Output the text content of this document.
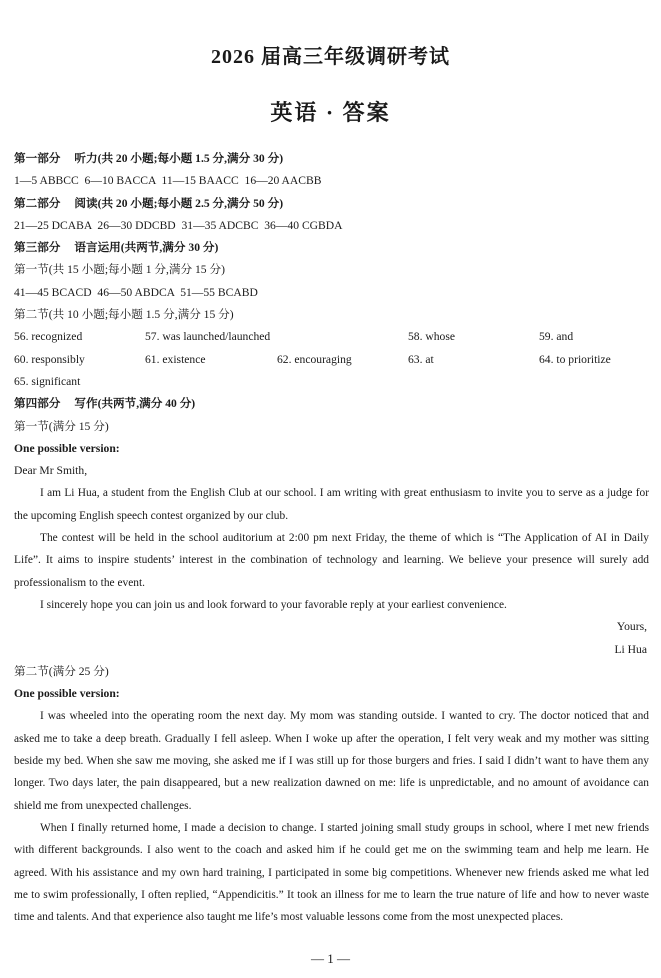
2026 届高三年级调研考试
英语 · 答案
第一部分 听力(共 20 小题;每小题 1.5 分,满分 30 分)
1—5 ABBCC  6—10 BACCA  11—15 BAACC  16—20 AACBB
第二部分 阅读(共 20 小题;每小题 2.5 分,满分 50 分)
21—25 DCABA  26—30 DDCBD  31—35 ADCBC  36—40 CGBDA
第三部分 语言运用(共两节,满分 30 分)
第一节(共 15 小题;每小题 1 分,满分 15 分)
41—45 BCACD  46—50 ABDCA  51—55 BCABD
第二节(共 10 小题;每小题 1.5 分,满分 15 分)
56. recognized	57. was launched/launched	58. whose	59. and
60. responsibly	61. existence	62. encouraging	63. at	64. to prioritize
65. significant
第四部分 写作(共两节,满分 40 分)
第一节(满分 15 分)
One possible version:
Dear Mr Smith,

I am Li Hua, a student from the English Club at our school. I am writing with great enthusiasm to invite you to serve as a judge for the upcoming English speech contest organized by our club.

The contest will be held in the school auditorium at 2:00 pm next Friday, the theme of which is “The Application of AI in Daily Life”. It aims to inspire students’ interest in the combination of technology and learning. We believe your presence will surely add professionalism to the event.

I sincerely hope you can join us and look forward to your favorable reply at your earliest convenience.

Yours,
Li Hua
第二节(满分 25 分)
One possible version:

I was wheeled into the operating room the next day. My mom was standing outside. I wanted to cry. The doctor noticed that and asked me to take a deep breath. Gradually I fell asleep. When I woke up after the operation, I felt very weak and my mother was sitting beside my bed. When she saw me moving, she asked me if I was still up for those burgers and fries. I said I didn’t want to have them any longer. Two days later, the pain disappeared, but a new realization dawned on me: life is unpredictable, and no amount of avoidance can shield me from unexpected challenges.

When I finally returned home, I made a decision to change. I started joining small study groups in school, where I met new friends with different backgrounds. I also went to the coach and asked him if he could get me on the swimming team and help me learn. He agreed. With his assistance and my own hard training, I participated in some big competitions. Whenever new friends asked me what led me to swim professionally, I often replied, “Appendicitis.” It took an illness for me to learn the true nature of life and how to never waste time and talents. And that experience also taught me life’s most valuable lessons come from the most unexpected places.

— 1 —
